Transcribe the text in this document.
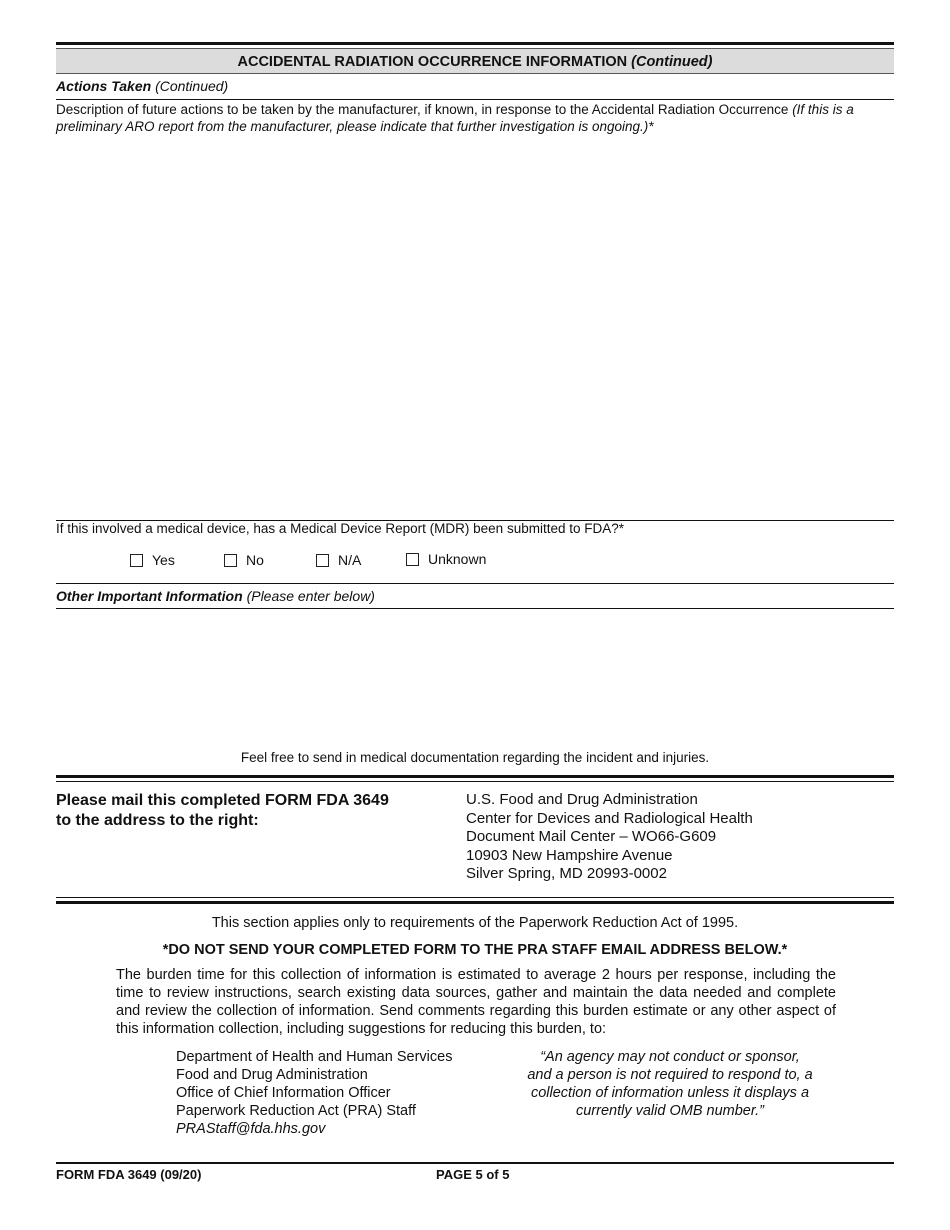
ACCIDENTAL RADIATION OCCURRENCE INFORMATION (Continued)
Actions Taken (Continued)
Description of future actions to be taken by the manufacturer, if known, in response to the Accidental Radiation Occurrence (If this is a preliminary ARO report from the manufacturer, please indicate that further investigation is ongoing.)*
If this involved a medical device, has a Medical Device Report (MDR) been submitted to FDA?*
Yes	No	N/A	Unknown
Other Important Information (Please enter below)
Feel free to send in medical documentation regarding the incident and injuries.
Please mail this completed FORM FDA 3649
to the address to the right:
U.S. Food and Drug Administration
Center for Devices and Radiological Health
Document Mail Center – WO66-G609
10903 New Hampshire Avenue
Silver Spring, MD 20993-0002
This section applies only to requirements of the Paperwork Reduction Act of 1995.
*DO NOT SEND YOUR COMPLETED FORM TO THE PRA STAFF EMAIL ADDRESS BELOW.*
The burden time for this collection of information is estimated to average 2 hours per response, including the time to review instructions, search existing data sources, gather and maintain the data needed and complete and review the collection of information. Send comments regarding this burden estimate or any other aspect of this information collection, including suggestions for reducing this burden, to:
Department of Health and Human Services
Food and Drug Administration
Office of Chief Information Officer
Paperwork Reduction Act (PRA) Staff
PRAStaff@fda.hhs.gov
“An agency may not conduct or sponsor,
and a person is not required to respond to, a
collection of information unless it displays a
currently valid OMB number.”
FORM FDA 3649 (09/20)	PAGE 5 of 5
